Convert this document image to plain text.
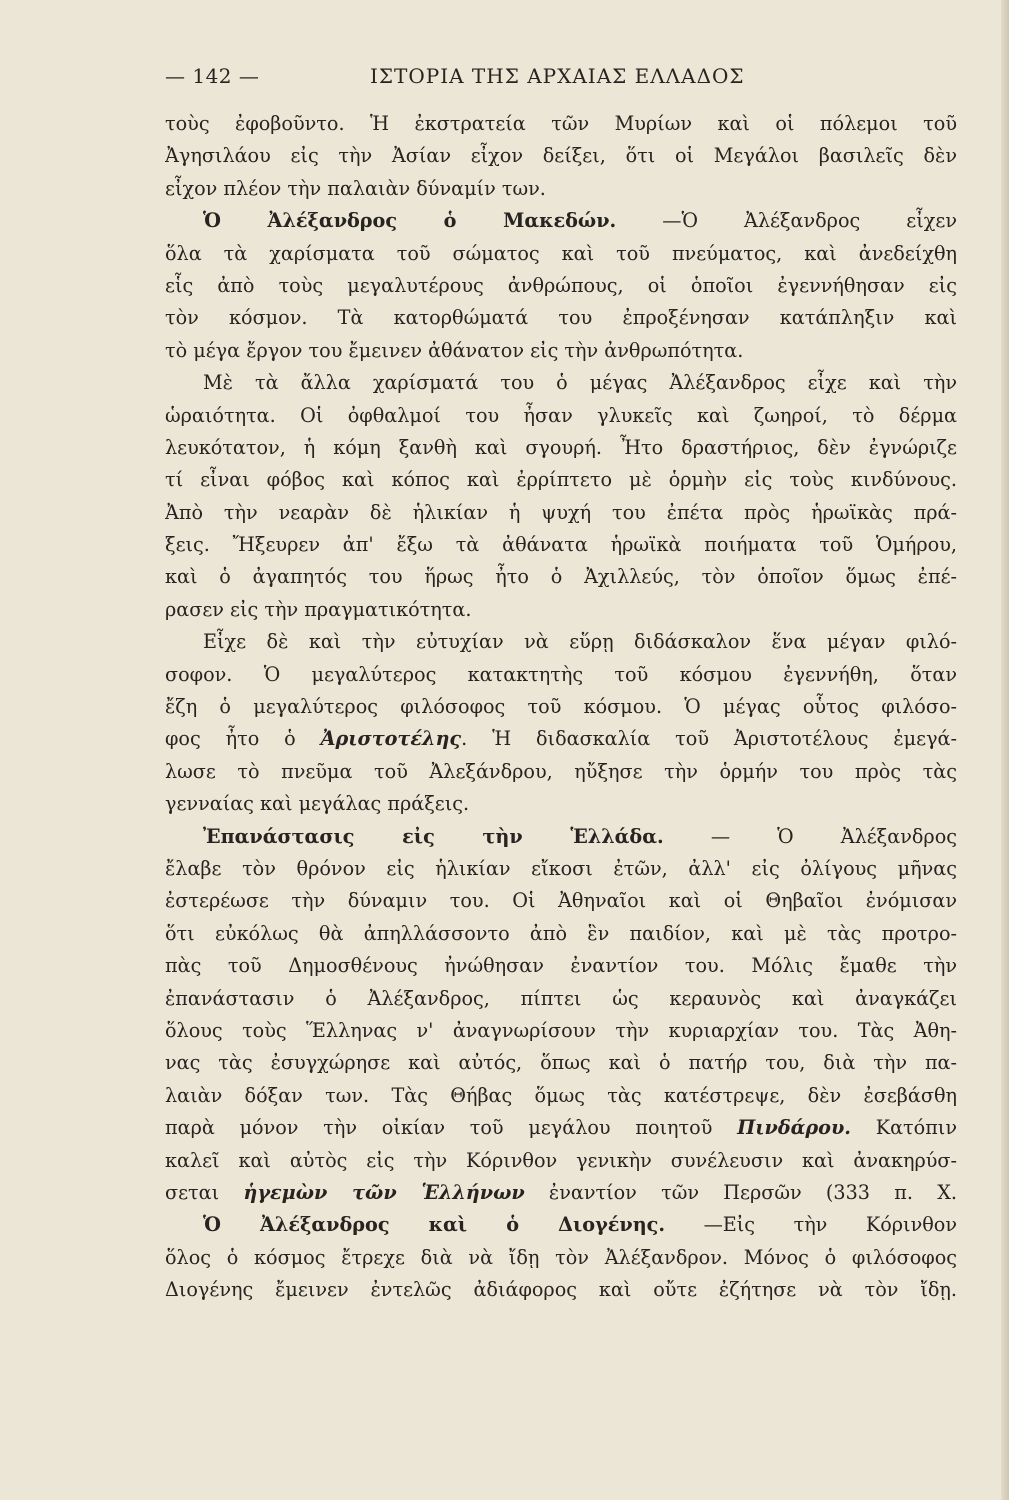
— 142 —	ΙΣΤΟΡΙΑ ΤΗΣ ΑΡΧΑΙΑΣ ΕΛΛΑΔΟΣ
τοὺς ἐφοβοῦντο. Ἡ ἐκστρατεία τῶν Μυρίων καὶ οἱ πόλεμοι τοῦ
Ἀγησιλάου εἰς τὴν Ἀσίαν εἶχον δείξει, ὅτι οἱ Μεγάλοι βασιλεῖς δὲν
εἶχον πλέον τὴν παλαιὰν δύναμίν των.
Ὁ Ἀλέξανδρος ὁ Μακεδών. —Ὁ Ἀλέξανδρος εἶχεν
ὅλα τὰ χαρίσματα τοῦ σώματος καὶ τοῦ πνεύματος, καὶ ἀνεδείχθη
εἷς ἀπὸ τοὺς μεγαλυτέρους ἀνθρώπους, οἱ ὁποῖοι ἐγεννήθησαν εἰς
τὸν κόσμον. Τὰ κατορθώματά του ἐπροξένησαν κατάπληξιν καὶ
τὸ μέγα ἔργον του ἔμεινεν ἀθάνατον εἰς τὴν ἀνθρωπότητα.
Μὲ τὰ ἄλλα χαρίσματά του ὁ μέγας Ἀλέξανδρος εἶχε καὶ τὴν
ὡραιότητα. Οἱ ὀφθαλμοί του ἦσαν γλυκεῖς καὶ ζωηροί, τὸ δέρμα
λευκότατον, ἡ κόμη ξανθὴ καὶ σγουρή. Ἦτο δραστήριος, δὲν ἐγνώριζε
τί εἶναι φόβος καὶ κόπος καὶ ἐρρίπτετο μὲ ὁρμὴν εἰς τοὺς κινδύνους.
Ἀπὸ τὴν νεαρὰν δὲ ἡλικίαν ἡ ψυχή του ἐπέτα πρὸς ἡρωϊκὰς πρά-
ξεις. Ἤξευρεν ἀπ' ἔξω τὰ ἀθάνατα ἡρωϊκὰ ποιήματα τοῦ Ὁμήρου,
καὶ ὁ ἀγαπητός του ἥρως ἦτο ὁ Ἀχιλλεύς, τὸν ὁποῖον ὅμως ἐπέ-
ρασεν εἰς τὴν πραγματικότητα.
Εἶχε δὲ καὶ τὴν εὐτυχίαν νὰ εὕρῃ διδάσκαλον ἕνα μέγαν φιλό-
σοφον. Ὁ μεγαλύτερος κατακτητὴς τοῦ κόσμου ἐγεννήθη, ὅταν
ἔζη ὁ μεγαλύτερος φιλόσοφος τοῦ κόσμου. Ὁ μέγας οὗτος φιλόσο-
φος ἦτο ὁ Ἀριστοτέλης. Ἡ διδασκαλία τοῦ Ἀριστοτέλους ἐμεγά-
λωσε τὸ πνεῦμα τοῦ Ἀλεξάνδρου, ηὔξησε τὴν ὁρμήν του πρὸς τὰς
γενναίας καὶ μεγάλας πράξεις.
Ἐπανάστασις εἰς τὴν Ἑλλάδα. — Ὁ Ἀλέξανδρος
ἔλαβε τὸν θρόνον εἰς ἡλικίαν εἴκοσι ἐτῶν, ἀλλ' εἰς ὀλίγους μῆνας
ἐστερέωσε τὴν δύναμιν του. Οἱ Ἀθηναῖοι καὶ οἱ Θηβαῖοι ἐνόμισαν
ὅτι εὐκόλως θὰ ἀπηλλάσσοντο ἀπὸ ἓν παιδίον, καὶ μὲ τὰς προτρο-
πὰς τοῦ Δημοσθένους ἠνώθησαν ἐναντίον του. Μόλις ἔμαθε τὴν
ἐπανάστασιν ὁ Ἀλέξανδρος, πίπτει ὡς κεραυνὸς καὶ ἀναγκάζει
ὅλους τοὺς Ἕλληνας ν' ἀναγνωρίσουν τὴν κυριαρχίαν του. Τὰς Ἀθη-
νας τὰς ἐσυγχώρησε καὶ αὐτός, ὅπως καὶ ὁ πατήρ του, διὰ τὴν πα-
λαιὰν δόξαν των. Τὰς Θήβας ὅμως τὰς κατέστρεψε, δὲν ἐσεβάσθη
παρὰ μόνον τὴν οἰκίαν τοῦ μεγάλου ποιητοῦ Πινδάρου. Κατόπιν
καλεῖ καὶ αὐτὸς εἰς τὴν Κόρινθον γενικὴν συνέλευσιν καὶ ἀνακηρύσ-
σεται ἡγεμὼν τῶν Ἑλλήνων ἐναντίον τῶν Περσῶν (333 π. Χ.
Ὁ Ἀλέξανδρος καὶ ὁ Διογένης. —Εἰς τὴν Κόρινθον
ὅλος ὁ κόσμος ἔτρεχε διὰ νὰ ἴδῃ τὸν Ἀλέξανδρον. Μόνος ὁ φιλόσοφος
Διογένης ἔμεινεν ἐντελῶς ἀδιάφορος καὶ οὔτε ἐζήτησε νὰ τὸν ἴδῃ.
